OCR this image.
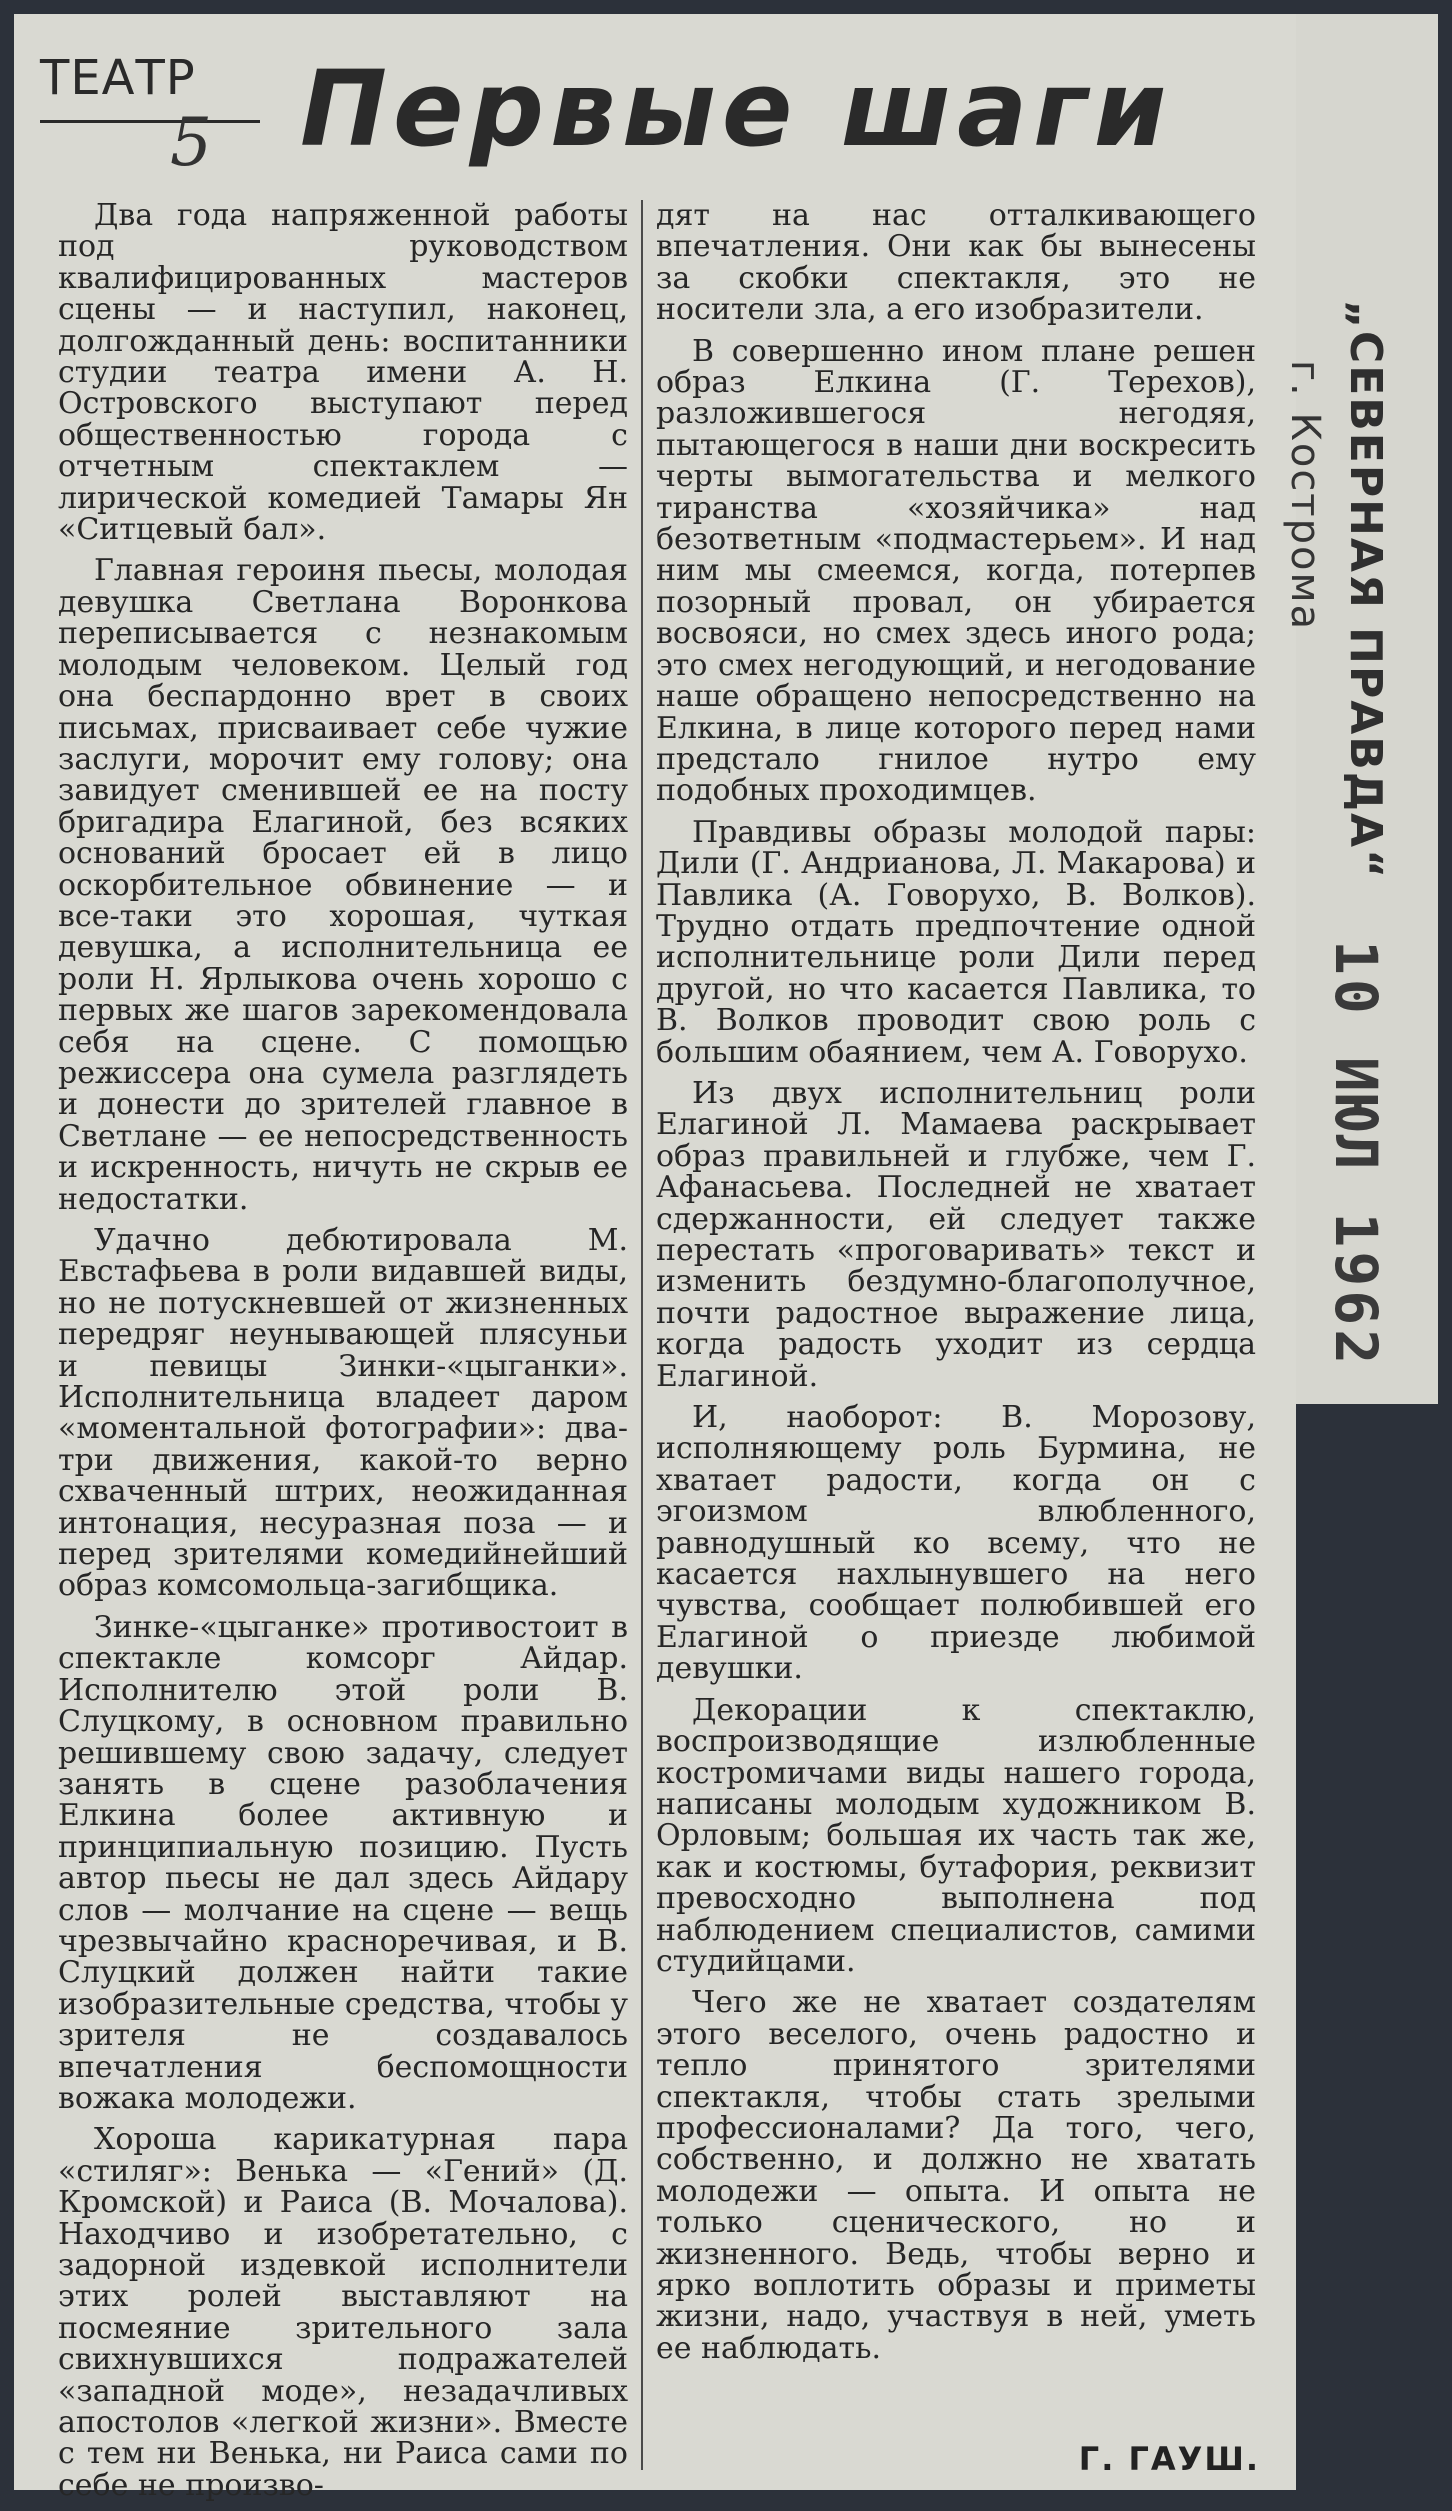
ТЕАТР
5 Первые шаги

Два года напряженной работы под руководством квалифицированных мастеров сцены — и наступил, наконец, долгожданный день: воспитанники студии театра имени А. Н. Островского выступают перед общественностью города с отчетным спектаклем — лирической комедией Тамары Ян «Ситцевый бал».

Главная героиня пьесы, молодая девушка Светлана Воронкова переписывается с незнакомым молодым человеком. Целый год она беспардонно врет в своих письмах, присваивает себе чужие заслуги, морочит ему голову; она завидует сменившей ее на посту бригадира Елагиной, без всяких оснований бросает ей в лицо оскорбительное обвинение — и все-таки это хорошая, чуткая девушка, а исполнительница ее роли Н. Ярлыкова очень хорошо с первых же шагов зарекомендовала себя на сцене. С помощью режиссера она сумела разглядеть и донести до зрителей главное в Светлане — ее непосредственность и искренность, ничуть не скрыв ее недостатки.

Удачно дебютировала М. Евстафьева в роли видавшей виды, но не потускневшей от жизненных передряг неунывающей плясуньи и певицы Зинки-«цыганки». Исполнительница владеет даром «моментальной фотографии»: два-три движения, какой-то верно схваченный штрих, неожиданная интонация, несуразная поза — и перед зрителями комедийнейший образ комсомольца-загибщика.

Зинке-«цыганке» противостоит в спектакле комсорг Айдар. Исполнителю этой роли В. Слуцкому, в основном правильно решившему свою задачу, следует занять в сцене разоблачения Елкина более активную и принципиальную позицию. Пусть автор пьесы не дал здесь Айдару слов — молчание на сцене — вещь чрезвычайно красноречивая, и В. Слуцкий должен найти такие изобразительные средства, чтобы у зрителя не создавалось впечатления беспомощности вожака молодежи.

Хороша карикатурная пара «стиляг»: Венька — «Гений» (Д. Кромской) и Раиса (В. Мочалова). Находчиво и изобретательно, с задорной издевкой исполнители этих ролей выставляют на посмеяние зрительного зала свихнувшихся подражателей «западной моде», незадачливых апостолов «легкой жизни». Вместе с тем ни Венька, ни Раиса сами по себе не произво-

дят на нас отталкивающего впечатления. Они как бы вынесены за скобки спектакля, это не носители зла, а его изобразители.

В совершенно ином плане решен образ Елкина (Г. Терехов), разложившегося негодяя, пытающегося в наши дни воскресить черты вымогательства и мелкого тиранства «хозяйчика» над безответным «подмастерьем». И над ним мы смеемся, когда, потерпев позорный провал, он убирается восвояси, но смех здесь иного рода; это смех негодующий, и негодование наше обращено непосредственно на Елкина, в лице которого перед нами предстало гнилое нутро ему подобных проходимцев.

Правдивы образы молодой пары: Дили (Г. Андрианова, Л. Макарова) и Павлика (А. Говорухо, В. Волков). Трудно отдать предпочтение одной исполнительнице роли Дили перед другой, но что касается Павлика, то В. Волков проводит свою роль с большим обаянием, чем А. Говорухо.

Из двух исполнительниц роли Елагиной Л. Мамаева раскрывает образ правильней и глубже, чем Г. Афанасьева. Последней не хватает сдержанности, ей следует также перестать «проговаривать» текст и изменить бездумно-благополучное, почти радостное выражение лица, когда радость уходит из сердца Елагиной.

И, наоборот: В. Морозову, исполняющему роль Бурмина, не хватает радости, когда он с эгоизмом влюбленного, равнодушный ко всему, что не касается нахлынувшего на него чувства, сообщает полюбившей его Елагиной о приезде любимой девушки.

Декорации к спектаклю, воспроизводящие излюбленные костромичами виды нашего города, написаны молодым художником В. Орловым; большая их часть так же, как и костюмы, бутафория, реквизит превосходно выполнена под наблюдением специалистов, самими студийцами.

Чего же не хватает создателям этого веселого, очень радостно и тепло принятого зрителями спектакля, чтобы стать зрелыми профессионалами? Да того, чего, собственно, и должно не хватать молодежи — опыта. И опыта не только сценического, но и жизненного. Ведь, чтобы верно и ярко воплотить образы и приметы жизни, надо, участвуя в ней, уметь ее наблюдать.

Г. ГАУШ.
„СЕВЕРНАЯ ПРАВДА“
г. Кострома
10 ИЮЛ 1962
